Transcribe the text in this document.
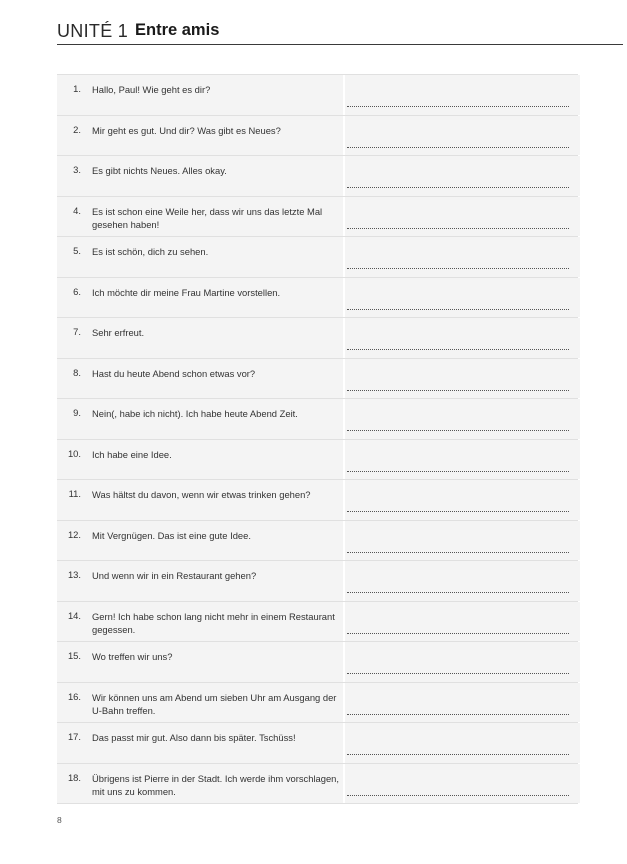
UNITÉ 1 Entre amis
1. Hallo, Paul! Wie geht es dir?
2. Mir geht es gut. Und dir? Was gibt es Neues?
3. Es gibt nichts Neues. Alles okay.
4. Es ist schon eine Weile her, dass wir uns das letzte Mal gesehen haben!
5. Es ist schön, dich zu sehen.
6. Ich möchte dir meine Frau Martine vorstellen.
7. Sehr erfreut.
8. Hast du heute Abend schon etwas vor?
9. Nein(, habe ich nicht). Ich habe heute Abend Zeit.
10. Ich habe eine Idee.
11. Was hältst du davon, wenn wir etwas trinken gehen?
12. Mit Vergnügen. Das ist eine gute Idee.
13. Und wenn wir in ein Restaurant gehen?
14. Gern! Ich habe schon lang nicht mehr in einem Restaurant gegessen.
15. Wo treffen wir uns?
16. Wir können uns am Abend um sieben Uhr am Ausgang der U-Bahn treffen.
17. Das passt mir gut. Also dann bis später. Tschüss!
18. Übrigens ist Pierre in der Stadt. Ich werde ihm vorschlagen, mit uns zu kommen.
8
